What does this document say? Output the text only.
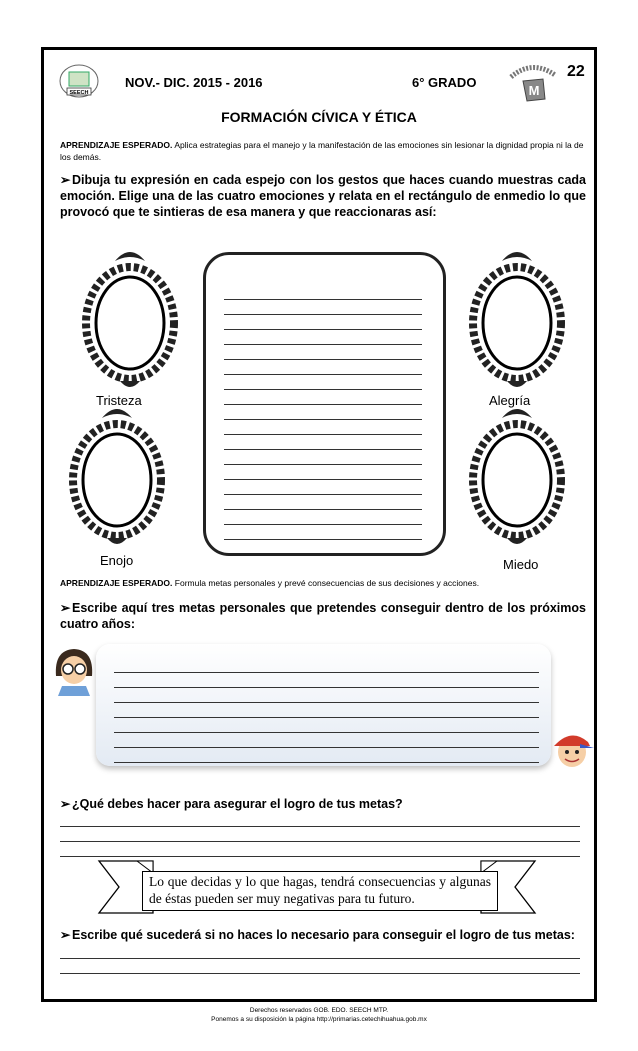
SEECH
NOV.- DIC. 2015 - 2016	6° GRADO
M
22
FORMACIÓN CÍVICA Y ÉTICA
APRENDIZAJE ESPERADO. Aplica estrategias para el manejo y la manifestación de las emociones sin lesionar la dignidad propia ni la de los demás.
➢ Dibuja tu expresión en cada espejo con los gestos que haces cuando muestras cada emoción. Elige una de las cuatro emociones y relata en el rectángulo de enmedio lo que provocó que te sintieras de esa manera y que reaccionaras así:
Tristeza	Alegría
Enojo	Miedo
APRENDIZAJE ESPERADO. Formula metas personales y prevé consecuencias de sus decisiones y acciones.
➢ Escribe aquí tres metas personales que pretendes conseguir dentro de los próximos cuatro años:
➢ ¿Qué debes hacer para asegurar el logro de tus metas?
Lo que decidas y lo que hagas, tendrá consecuencias y algunas de éstas pueden ser muy negativas para tu futuro.
➢ Escribe qué sucederá si no haces lo necesario para conseguir el logro de tus metas:
Derechos reservados GOB. EDO. SEECH MTP.
Ponemos a su disposición la página http://primarias.cetechihuahua.gob.mx
